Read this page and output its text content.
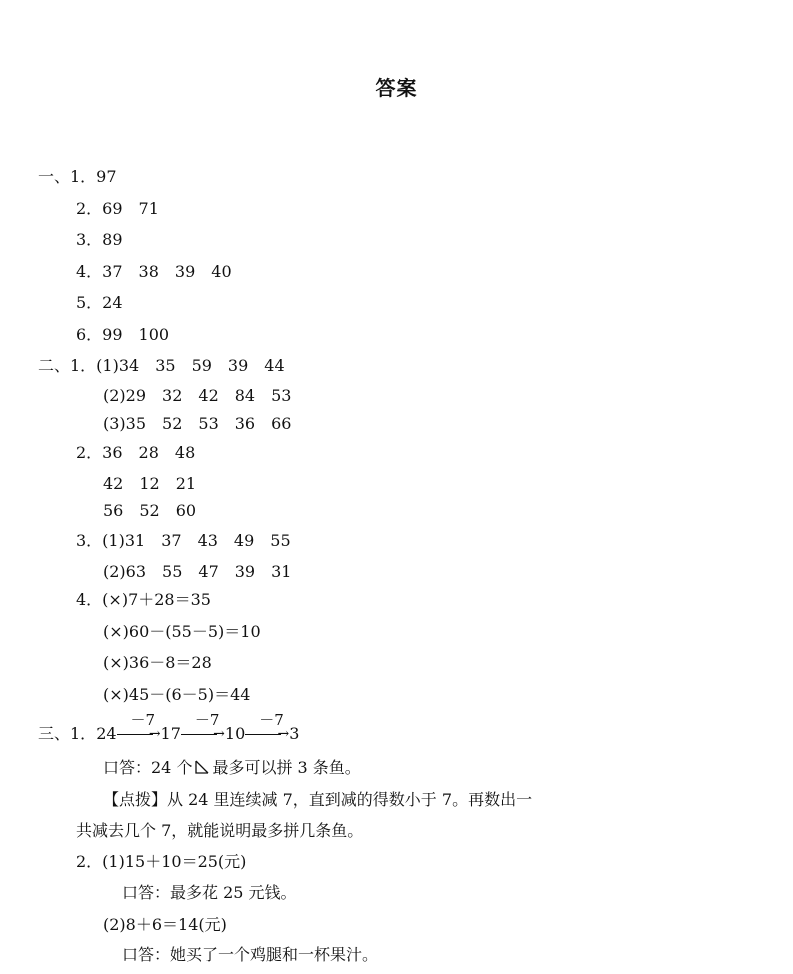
答案
一、1．97
2．69　71
3．89
4．37　38　39　40
5．24
6．99　100
二、1．(1)34　35　59　39　44
(2)29　32　42　84　53
(3)35　52　53　36　66
2．36　28　48
42　12　21
56　52　60
3．(1)31　37　43　49　55
(2)63　55　47　39　31
4．(×)7＋28＝35
(×)60－(55－5)＝10
(×)36－8＝28
(×)45－(6－5)＝44
三、1．24
－7
→ 17
－7
→ 10
－7
→ 3
口答：24 个 最多可以拼 3 条鱼。
【点拨】从 24 里连续减 7，直到减的得数小于 7。再数出一
共减去几个 7，就能说明最多拼几条鱼。
2．(1)15＋10＝25(元)
口答：最多花 25 元钱。
(2)8＋6＝14(元)
口答：她买了一个鸡腿和一杯果汁。
